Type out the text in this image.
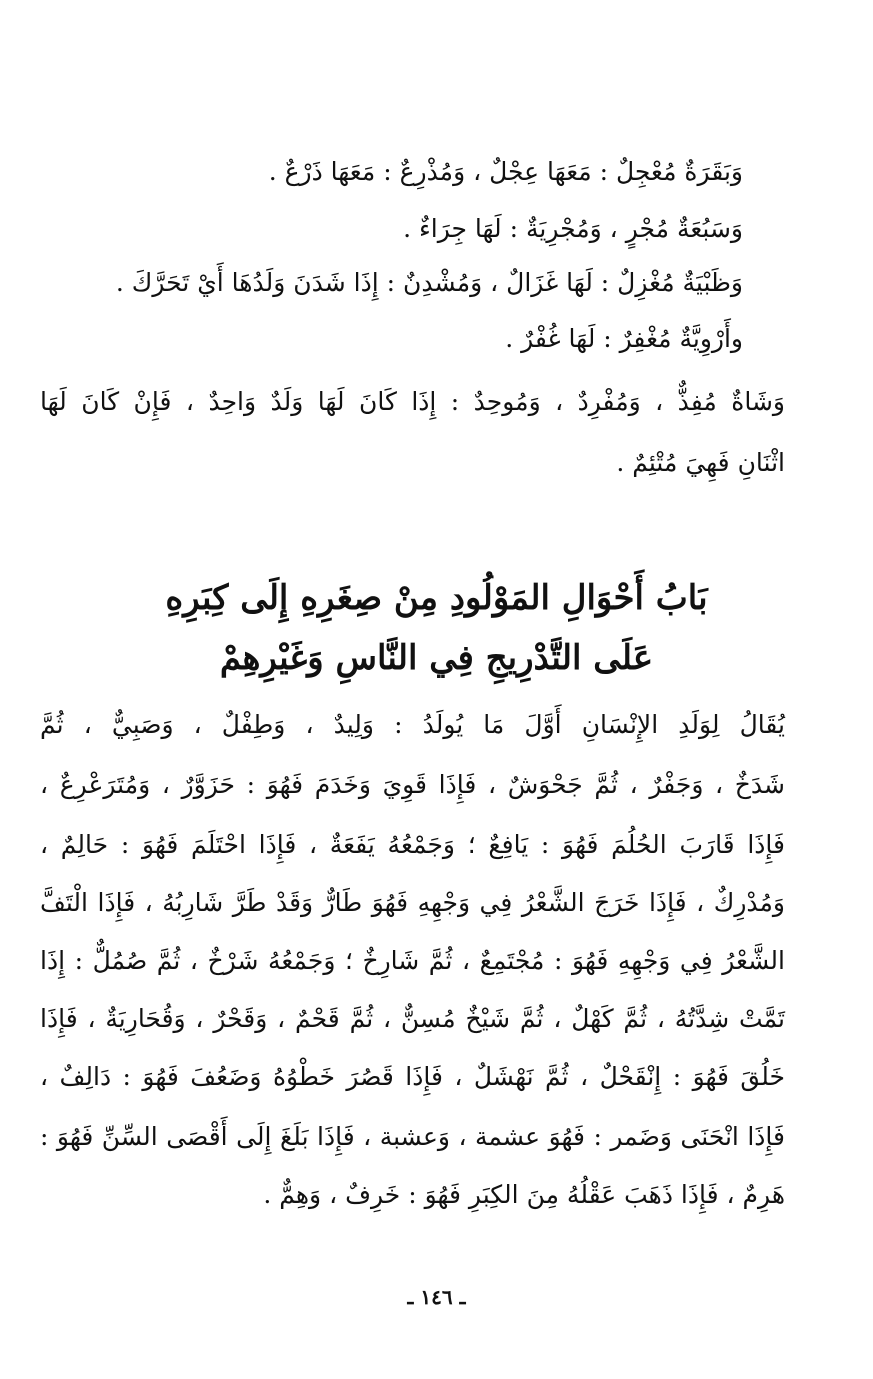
وَبَقَرَةٌ مُعْجِلٌ : مَعَهَا عِجْلٌ ، وَمُذْرِعٌ : مَعَهَا ذَرْعٌ .
وَسَبُعَةٌ مُجْرٍ ، وَمُجْرِيَةٌ : لَهَا جِرَاءٌ .
وَظَبْيَةٌ مُغْزِلٌ : لَهَا غَزَالٌ ، وَمُشْدِنٌ : إِذَا شَدَنَ وَلَدُهَا أَيْ تَحَرَّكَ .
وأَرْوِيَّةٌ مُغْفِرٌ : لَهَا غُفْرٌ .
وَشَاةٌ مُفِذٌّ ، وَمُفْرِدٌ ، وَمُوحِدٌ : إِذَا كَانَ لَهَا وَلَدٌ وَاحِدٌ ، فَإِنْ كَانَ لَهَا
اثْنَانِ فَهِيَ مُتْئِمٌ .
بَابُ أَحْوَالِ المَوْلُودِ مِنْ صِغَرِهِ إِلَى كِبَرِهِ
عَلَى التَّدْرِيجِ فِي النَّاسِ وَغَيْرِهِمْ
يُقَالُ لِوَلَدِ الإِنْسَانِ أَوَّلَ مَا يُولَدُ : وَلِيدٌ ، وَطِفْلٌ ، وَصَبِيٌّ ، ثُمَّ
شَدَخٌ ، وَجَفْرٌ ، ثُمَّ جَحْوَشٌ ، فَإِذَا قَوِيَ وَخَدَمَ فَهُوَ : حَزَوَّرٌ ، وَمُتَرَعْرِعٌ ،
فَإِذَا قَارَبَ الحُلُمَ فَهُوَ : يَافِعٌ ؛ وَجَمْعُهُ يَفَعَةٌ ، فَإِذَا احْتَلَمَ فَهُوَ : حَالِمٌ ،
وَمُدْرِكٌ ، فَإِذَا خَرَجَ الشَّعْرُ فِي وَجْهِهِ فَهُوَ طَارٌّ وَقَدْ طَرَّ شَارِبُهُ ، فَإِذَا الْتَفَّ
الشَّعْرُ فِي وَجْهِهِ فَهُوَ : مُجْتَمِعٌ ، ثُمَّ شَارِخٌ ؛ وَجَمْعُهُ شَرْخٌ ، ثُمَّ صُمُلٌّ : إِذَا
تَمَّتْ شِدَّتُهُ ، ثُمَّ كَهْلٌ ، ثُمَّ شَيْخٌ مُسِنٌّ ، ثُمَّ قَحْمٌ ، وَقَحْرٌ ، وَقُحَارِيَةٌ ، فَإِذَا
خَلُقَ فَهُوَ : إِنْقَحْلٌ ، ثُمَّ نَهْشَلٌ ، فَإِذَا قَصُرَ خَطْوُهُ وَضَعُفَ فَهُوَ : دَالِفٌ ،
فَإِذَا انْحَنَى وَضَمر : فَهُوَ عشمة ، وَعشبة ، فَإِذَا بَلَغَ إِلَى أَقْصَى السِّنِّ فَهُوَ :
هَرِمٌ ، فَإِذَا ذَهَبَ عَقْلُهُ مِنَ الكِبَرِ فَهُوَ : خَرِفٌ ، وَهِمٌّ .
ـ ١٤٦ ـ
